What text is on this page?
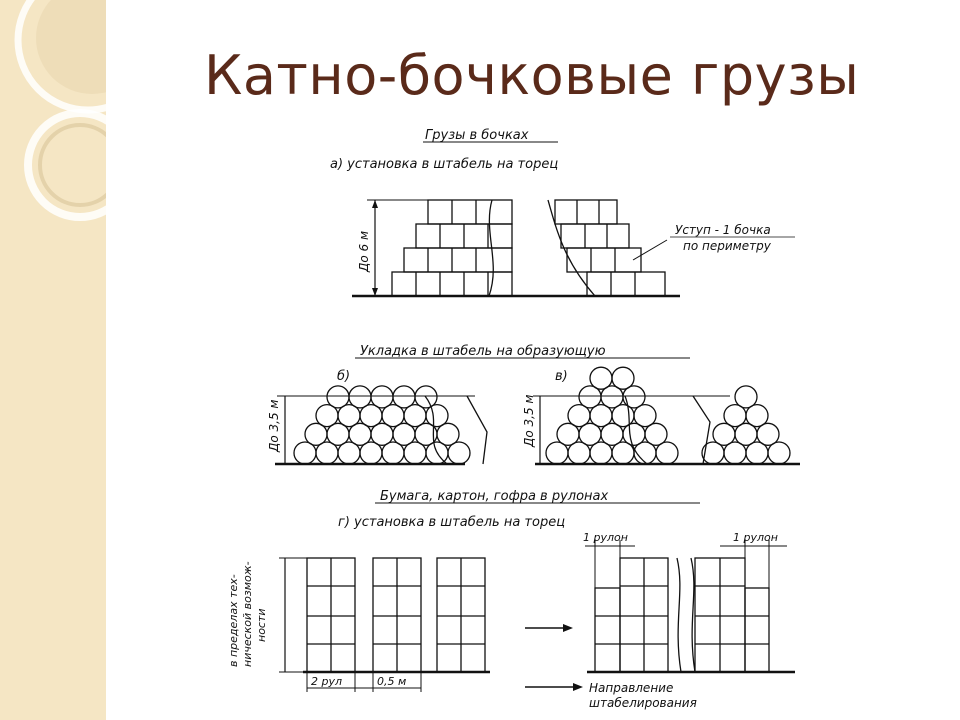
Катно-бочковые грузы
Грузы в бочках
а) установка в штабель на торец
До 6 м
Уступ - 1 бочка
по периметру
Укладка в штабель на образующую
б)	в)
До 3,5 м	До 3,5 м
Бумага, картон, гофра в рулонах
г) установка в штабель на торец
в пределах тех- нической возмож- ности
2 рул	0,5 м	Направление
штабелирования
1 рулон	1 рулон
